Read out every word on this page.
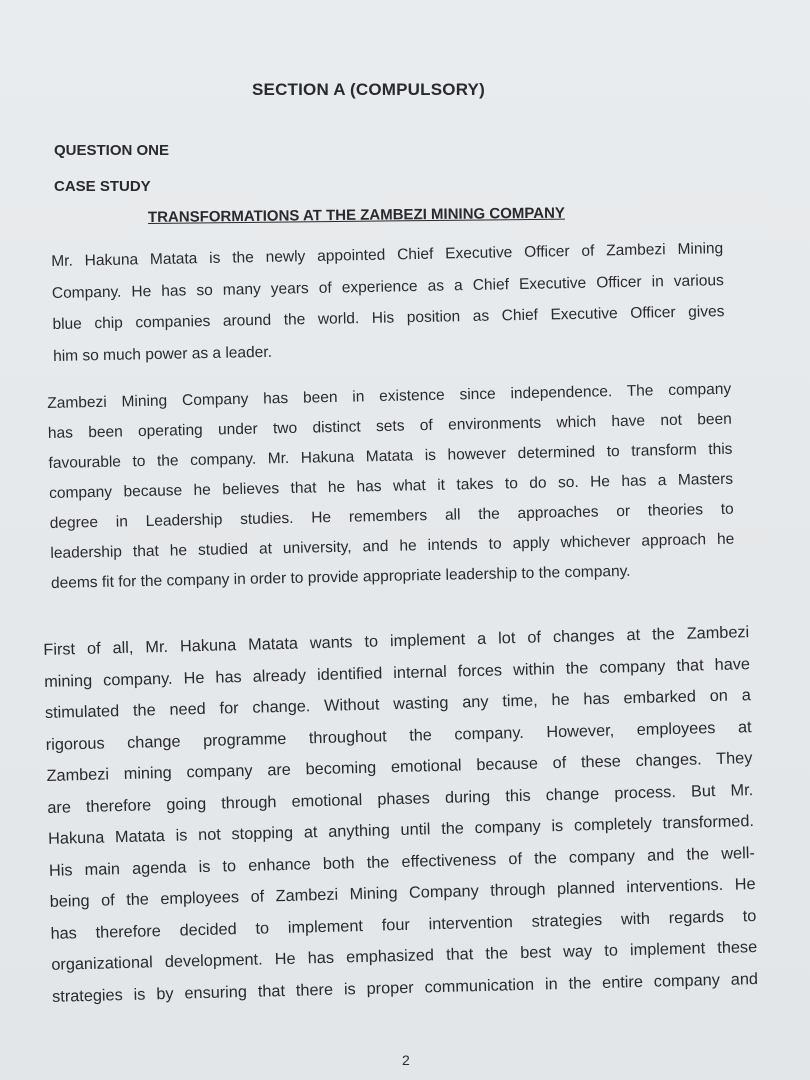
SECTION A (COMPULSORY)
QUESTION ONE
CASE STUDY
TRANSFORMATIONS AT THE ZAMBEZI MINING COMPANY

Mr. Hakuna Matata is the newly appointed Chief Executive Officer of Zambezi Mining
Company. He has so many years of experience as a Chief Executive Officer in various
blue chip companies around the world. His position as Chief Executive Officer gives
him so much power as a leader.

Zambezi Mining Company has been in existence since independence. The company
has been operating under two distinct sets of environments which have not been
favourable to the company. Mr. Hakuna Matata is however determined to transform this
company because he believes that he has what it takes to do so. He has a Masters
degree in Leadership studies. He remembers all the approaches or theories to
leadership that he studied at university, and he intends to apply whichever approach he
deems fit for the company in order to provide appropriate leadership to the company.

First of all, Mr. Hakuna Matata wants to implement a lot of changes at the Zambezi
mining company. He has already identified internal forces within the company that have
stimulated the need for change. Without wasting any time, he has embarked on a
rigorous change programme throughout the company. However, employees at
Zambezi mining company are becoming emotional because of these changes. They
are therefore going through emotional phases during this change process. But Mr.
Hakuna Matata is not stopping at anything until the company is completely transformed.
His main agenda is to enhance both the effectiveness of the company and the well-
being of the employees of Zambezi Mining Company through planned interventions. He
has therefore decided to implement four intervention strategies with regards to
organizational development. He has emphasized that the best way to implement these
strategies is by ensuring that there is proper communication in the entire company and

2
